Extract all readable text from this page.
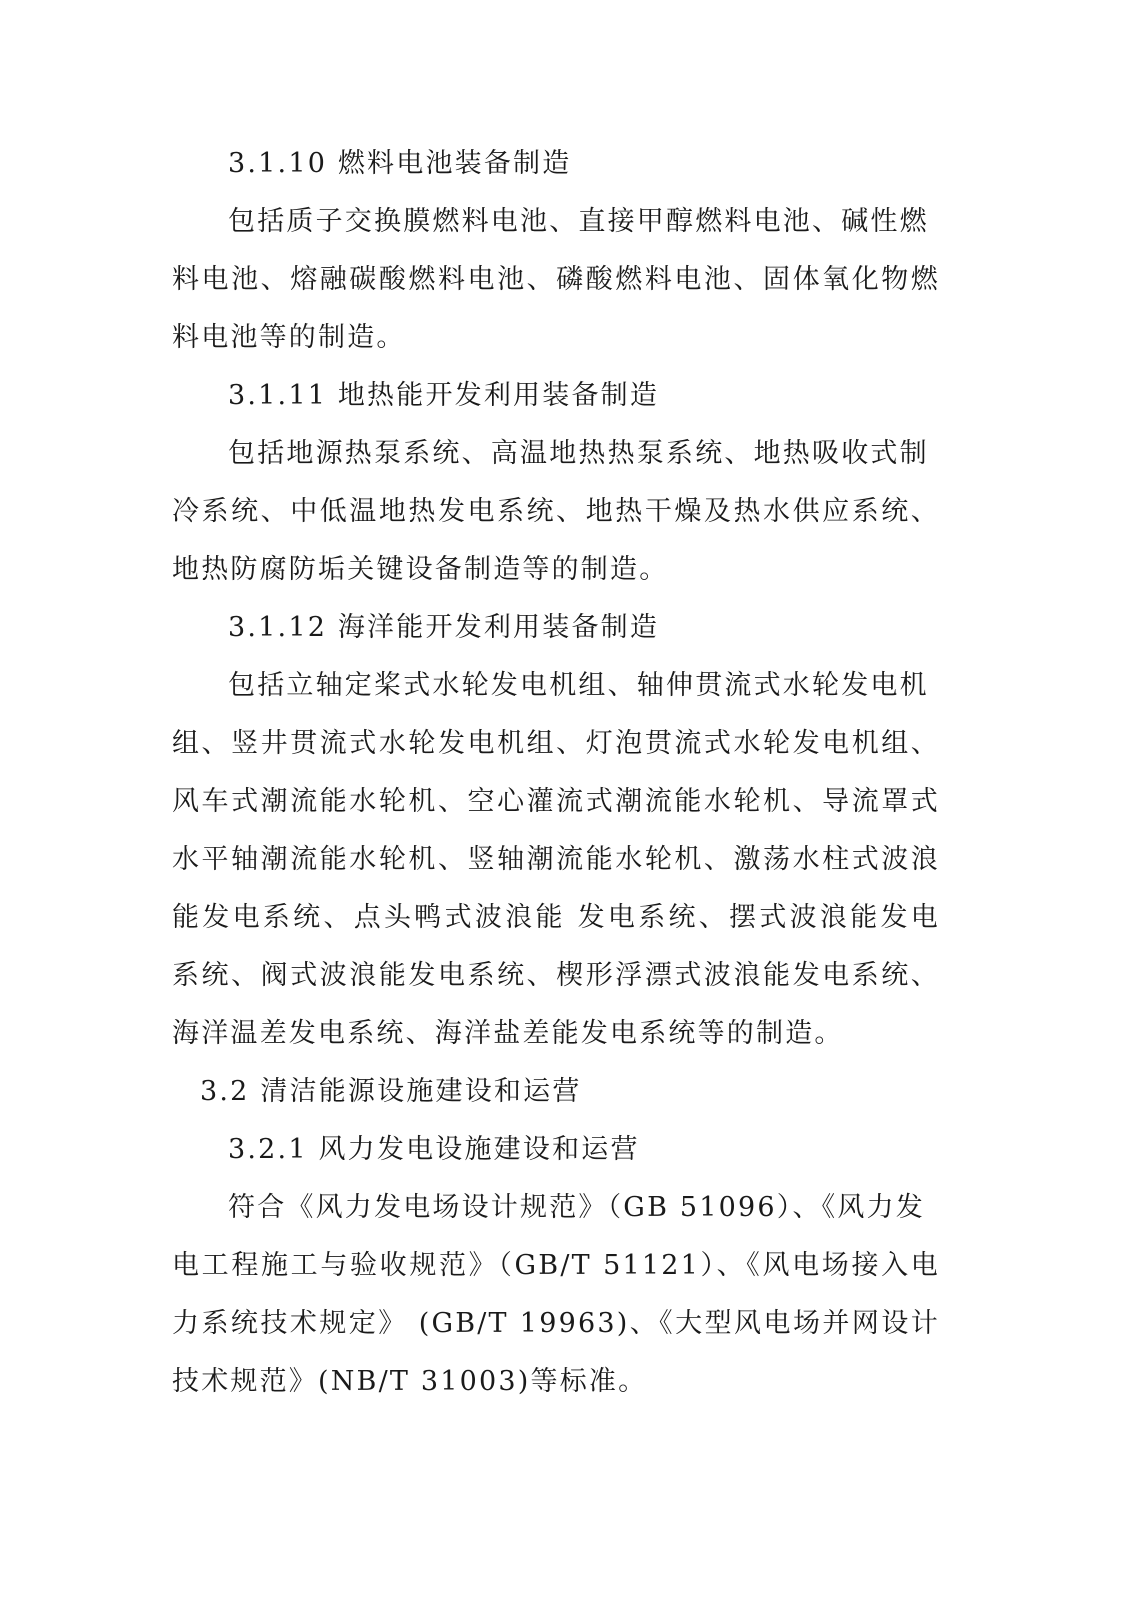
3.1.10 燃料电池装备制造
包括质子交换膜燃料电池、直接甲醇燃料电池、碱性燃
料电池、熔融碳酸燃料电池、磷酸燃料电池、固体氧化物燃
料电池等的制造。
3.1.11 地热能开发利用装备制造
包括地源热泵系统、高温地热热泵系统、地热吸收式制
冷系统、中低温地热发电系统、地热干燥及热水供应系统、
地热防腐防垢关键设备制造等的制造。
3.1.12 海洋能开发利用装备制造
包括立轴定桨式水轮发电机组、轴伸贯流式水轮发电机
组、竖井贯流式水轮发电机组、灯泡贯流式水轮发电机组、
风车式潮流能水轮机、空心灌流式潮流能水轮机、导流罩式
水平轴潮流能水轮机、竖轴潮流能水轮机、激荡水柱式波浪
能发电系统、点头鸭式波浪能 发电系统、摆式波浪能发电
系统、阀式波浪能发电系统、楔形浮漂式波浪能发电系统、
海洋温差发电系统、海洋盐差能发电系统等的制造。
3.2 清洁能源设施建设和运营
3.2.1 风力发电设施建设和运营
符合《风力发电场设计规范》（GB 51096）、《风力发
电工程施工与验收规范》（GB/T 51121）、《风电场接入电
力系统技术规定》 (GB/T 19963)、《大型风电场并网设计
技术规范》(NB/T 31003)等标准。
